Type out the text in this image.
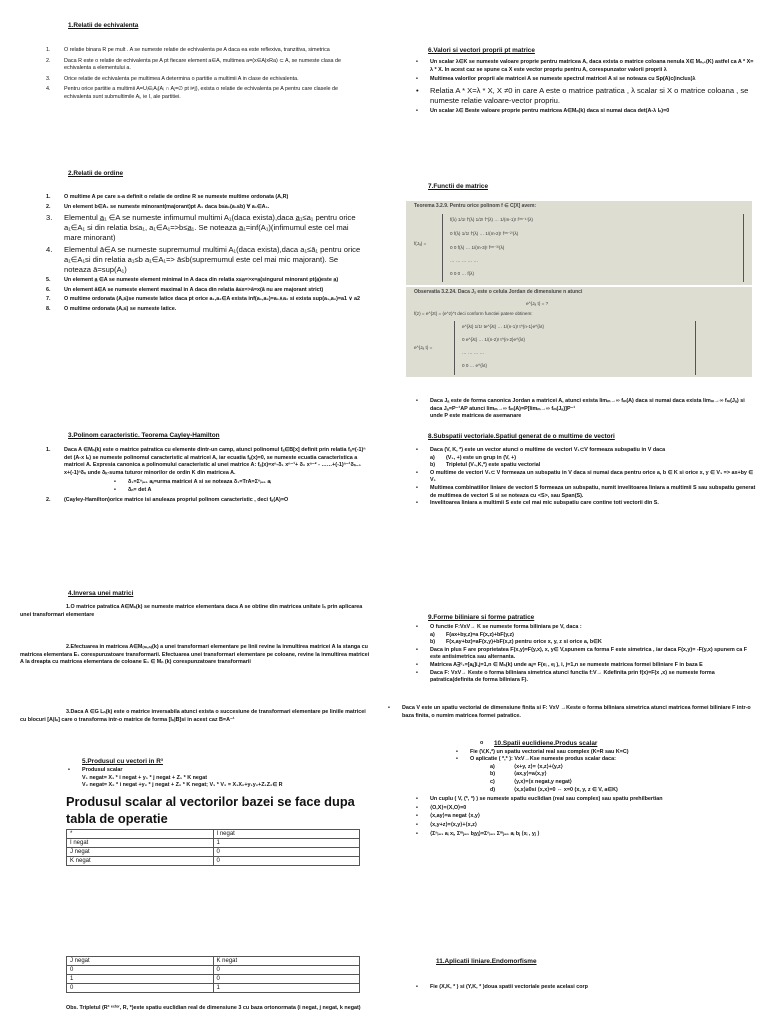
1.Relatii de echivalenta
1.	O relatie binara R pe mult . A se numeste relatie de echivalenta pe A daca ea este reflexiva, tranzitiva, simetrica
2.	Daca R este o relatie de echivalenta pe A pt fiecare element a∈A, multimea a=(x∈A|xRa) ⊂ A, se numeste clasa de echivalenta a elementului a.
3.	Orice relatie de echivalenta pe multimea A determina o partitie a multimii A in clase de echivalenta.
4.	Pentru orice partitie a multimii A=Uᵢ∈ᵢAᵢ(Aᵢ ∩ Aⱼ=∅ pt i≠j), exista o relatie de echivalenta pe A pentru care clasele de echivalenta sunt submultimile Aᵢ, ie I, ale partitiei.
2.Relatii de ordine
1.	O multime A pe care s-a definit o relatie de ordine R se numeste multime ordonata (A,R)
2.	Un element b∈A₁ se numeste minorant(majorant)pt A₁ daca b≤a₁(a₁≤b) ∀ a₁∈A₁.
3. Elementul a̲₁ ∈A se numeste infimumul multimi A₁(daca exista),daca a̲₁≤a₁ pentru orice a₁∈A₁ si din relatia b≤a₁, a₁∈A₁=>b≤a̲₁. Se noteaza a̲₁=inf(A₁)(infimumul este cel mai mare minorant)
4. Elementul ā∈A se numeste supremumul multimi A₁(daca exista),daca a₁≤ā₁ pentru orice a₁∈A₁si din relatia a₁≤b a₁∈A₁=> ā≤b(supremumul este cel mai mic majorant). Se noteaza ā=sup(A₁)
5.	Un element a̲ ∈A se numeste element minimal in A daca din relatia x≤a̲=>x=a̲(singurul minorant pt(a̲)este a̲)
6.	Un element ā∈A se numeste element maximal in A daca din relatia ā≤x=>ā=x(ā nu are majorant strict)
7.	O multime ordonata (A,≤)se numeste latice daca pt orice a₁,a₂∈A exista inf(a₁,a₂)=a₁∧a₂ si exista sup(a₁,a₂)=a1 ∨ a2
8.	O multime ordonata (A,≤) se numeste latice.
3.Polinom caracteristic. Teorema Cayley-Hamilton
1.	Daca A ∈Mₙ(k) este o matrice patratica cu elemente dintr-un camp, atunci polinomul fₐ∈B[x] definit prin relatia fₐ=(-1)ⁿ det (A-x Iₙ) se numeste polinomul caracteristic al matricei A, iar ecuatia fₐ(x)=0, se numeste ecuatia caracteristica a matricei A. Expresia canonica a polinomului caracteristic al unei matrice A: fₐ(x)=xⁿ-δ₁ xⁿ⁻¹+ δ₂ xⁿ⁻² - ……+(-1)ⁿ⁻¹δₙ₋₁ x+(-1)ⁿδₙ unde δₖ-suma tuturor minorilor de ordin K din matricea A.
• δ₁=Σⁿᵢ₌₁ aᵢᵢ=urma matricei A si se noteaza δ₁=TrA=Σⁿᵢ₌₁ aᵢ
• δₙ= det A
2.	(Cayley-Hamilton)orice matrice isi anuleaza propriul polinom caracteristic , deci fₐ(A)=O
4.Inversa unei matrici
1.O matrice patratica A∈Mₙ(k) se numeste matrice elementara daca A se obtine din matricea unitate Iₙ prin aplicarea unei transformari elementare
2.Efectuarea in matricea A∈M₍ₘ,ₙ₎(k) a unei transformari elementare pe linii revine la inmultirea matricei A la stanga cu matricea elementara E₁ corespunzatoare transformarii. Efectuarea unei transformari elementare pe coloane, revine la inmultirea matricei A la dreapta cu matricea elementara de coloane E₁ ∈ Mₙ (k) corespunzatoare transformarii
3.Daca A ∈G Lₙ(k) este o matrice inversabila atunci exista o succesiune de transformari elementare pe liniile matricei cu blocuri [A|Iₙ] care o transforma intr-o matrice de forma [Iₙ|B]si in acest caz B=A⁻¹
5.Produsul cu vectori in R³
• Produsul scalar
V₁ negat= X₁ * i negat + y₁ * j negat + Z₁ * K negat
V₂ negat= X₂ * i negat +y₂ * j negat + Z₂ * K negat; V₁ * V₂ = X₁X₂+y₁y₂+Z₁Z₂∈ R
Produsul scalar al vectorilor bazei se face dupa tabla de operatie
*	I negat
I negat	1
J negat	0
K negat	0
J negat	K negat
0	0
1	0
0	1
Obs. Tripletul (R³ ᵉᶜᵗᵒʳ, R, *)este spatiu euclidian real de dimensiune 3 cu baza ortonormata (i negat, j negat, k negat)
6.Valori si vectori proprii pt matrice
• Un scalar λ∈K se numeste valoare proprie pentru matricea A, daca exista o matrice coloana nenula X∈ Mₙ,₁(K) astfel ca A * X= λ * X. In acest caz se spune ca X este vector propriu pentru A, corespunzator valorii proprii λ
• Multimea valorilor proprii ale matricei A se numeste spectrul matricei A si se noteaza cu Sp(A)c(inclus)λ
• Relatia A * X=λ * X, X ≠0 in care A este o matrice patratica , λ scalar si X o matrice coloana , se numeste relatie valoare-vector propriu.
• Un scalar λ∈ Beste valoare proprie pentru matricea A∈Mₙ(k) daca si numai daca det(A-λ Iₙ)=0
7.Functii de matrice
Teorema 3.2.9. Pentru orice polinom f ∈ C[X] avem:
f(Jₐ) =
f(λ) 1/1! f'(λ) 1/2! f''(λ) … 1/(m-1)! f⁽ᵐ⁻¹⁾(λ)
0 f(λ) 1/1! f'(λ) … 1/(m-2)! f⁽ᵐ⁻²⁾(λ)
0 0 f(λ) … 1/(m-3)! f⁽ᵐ⁻³⁾(λ)
… … … … …
0 0 0 … f(λ)
Observatia 3.2.24. Daca Jₐ este o celula Jordan de dimensiune n atunci
e^{Jₐ t} = ?
f(z) = e^{zt} = (e^z)^t deci conform functiei patere obtinem:
e^{Jₐ t} =
e^{λt} 1/1! te^{λt} … 1/(n-1)! t^{n-1}e^{λt}
0 e^{λt} … 1/(n-2)! t^{n-2}e^{λt}
… … … …
0 0 … e^{λt}
• Daca Jₐ este de forma canonica Jordan a matricei A, atunci exista limₘ→∞ fₘ(A) daca si numai daca exista limₘ→∞ fₘ(Jₐ) si daca Jₐ=P⁻¹AP atunci limₘ→∞ fₘ(A)=P[limₘ→∞ fₘ(Jₐ)]P⁻¹
unde P este matricea de asemanare
8.Subspatii vectoriale.Spatiul generat de o multime de vectori
• Daca (V, K, *) este un vector atunci o multime de vectori V₁⊂V formeaza subspatiu in V daca
a) (V₁, +) este un grup in (V, +)
b) Tripletul (V₁,K,*) este spatiu vectorial
• O multime de vectori V₁⊂ V formeaza un subspatiu in V daca si numai daca pentru orice a, b ∈ K si orice x, y ∈ V₁ => ax+by ∈ V₁
• Multimea combinatiilor liniare de vectori S formeaza un subspatiu, numit invelitoarea liniara a multimii S sau subspatiu generat de multimea de vectori S si se noteaza cu <S>, sau Span(S).
• Invelitoarea liniara a multimii S este cel mai mic subspatiu care contine toti vectorii din S.
9.Forme biliniare si forme patratice
• O functie F:VxV→ K se numeste forma biliniara pe V, daca :
a) F(ax+by,z)=a F(x,z)+bF(y,z)
b) F(x,ay+bz)=aF(x,y)+bF(x,z) pentru orice x, y, z si orice a, b∈K
• Daca in plus F are proprietatea F(x,y)=F(y,x), x, y∈ V,spunem ca forma F este simetrica , iar daca F(x,y)= -F(y,x) spunem ca F este antisimetrica sau alternanta.
• Matricea Aᴟᵉ₁=[aᵢⱼ]i,j=1,n ∈ Mₙ(k) unde aᵢⱼ= F(eᵢ , eⱼ ), i, j=1,n se numeste matricea formei biliniare F in baza E
• Daca F: VxV→ Keste o forma biliniara simetrica atunci functia f:V→ Kdefinita prin f(x)=F(x ,x) se numeste forma patratica(definita de forma biliniara F).
• Daca V este un spatiu vectorial de dimensiune finita si F: VxV →Keste o forma biliniara simetrica atunci matricea formei biliniare F intr-o baza finita, o numim matricea formei patratice.
o 10.Spatii euclidiene.Produs scalar
• Fie (V,K,*) un spatiu vectorial real sau complex (K=R sau K=C)
• O aplicatie ( *,* ): VxV→Kse numeste produs scalar daca:
a)	⟨x+y, z⟩= ⟨x,z⟩+⟨y,z⟩
b)	⟨ax,y⟩=a⟨x,y⟩
c)	⟨y,x⟩=⟨x negat,y negat⟩
d)	⟨x,x⟩≥0si ⟨x,x⟩=0 ⇔ x=0 (x, y, z ∈ V, a∈K)
• Un cuplu ( V, (*, *) ) se numeste spatiu euclidian (real sau complex) sau spatiu prehilbertian
• ⟨O,X⟩=⟨X,O⟩=0
• ⟨x,ay⟩=a negat ⟨x,y⟩
• ⟨x,y+z⟩=⟨x,y⟩+⟨x,z⟩
• ⟨Σⁿᵢ₌₁ aᵢ xᵢ, Σᵐⱼ₌₁ bⱼyⱼ⟩=Σⁿᵢ₌₁ Σᵐⱼ₌₁ aᵢ bⱼ ⟨xᵢ , yⱼ ⟩
11.Aplicatii liniare.Endomorfisme
• Fie (X,K, * ) si (Y,K, * )doua spatii vectoriale peste acelasi corp
